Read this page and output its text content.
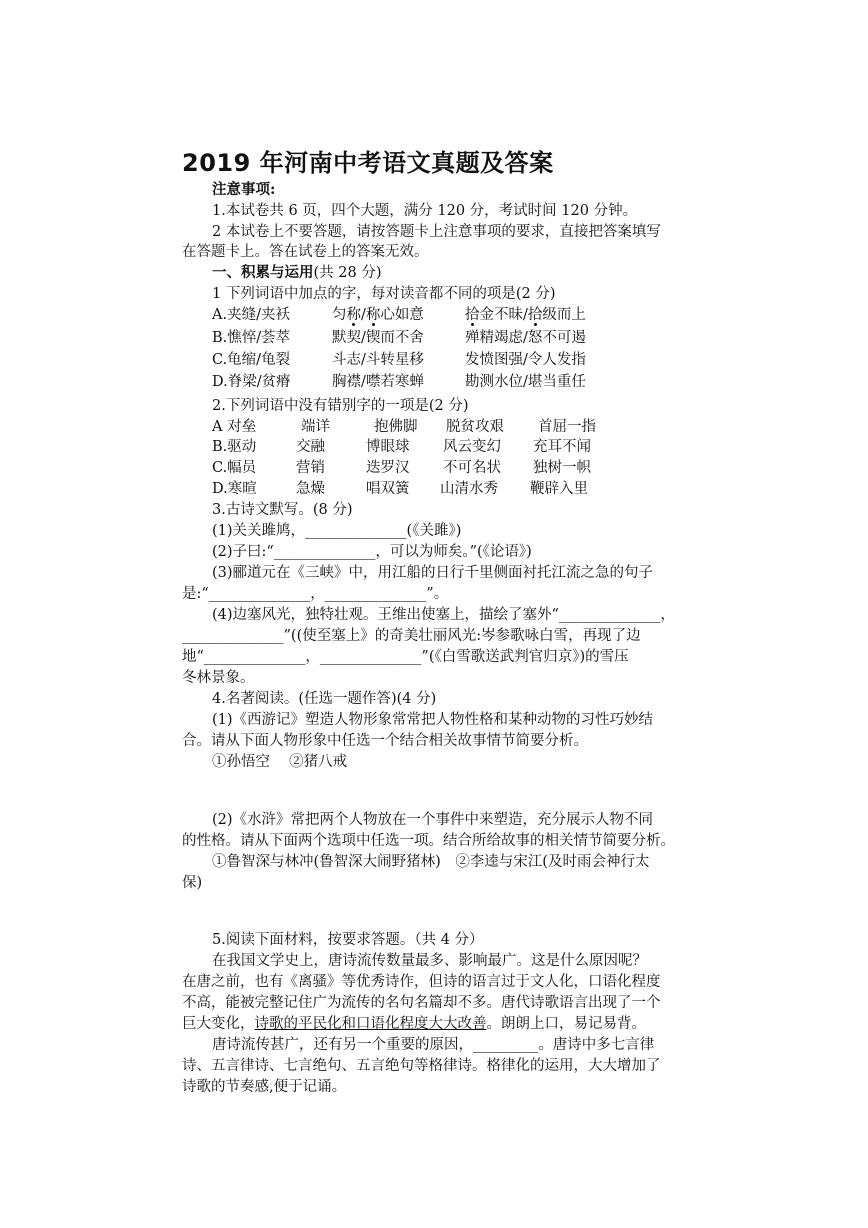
2019 年河南中考语文真题及答案
注意事项:
1.本试卷共 6 页，四个大题，满分 120 分，考试时间 120 分钟。
2 本试卷上不要答题，请按答题卡上注意事项的要求，直接把答案填写
在答题卡上。答在试卷上的答案无效。
一、积累与运用(共 28 分)
1 下列词语中加点的字，每对读音都不同的项是(2 分)
A.夹缝/夹袄	匀称/称心如意	拾金不昧/拾级而上
B.憔悴/荟萃	默契/锲而不舍	殚精竭虑/怒不可遏
C.龟缩/龟裂	斗志/斗转星移	发愤图强/令人发指
D.脊梁/贫瘠	胸襟/噤若寒蝉	勘测水位/堪当重任
2.下列词语中没有错别字的一项是(2 分)
A 对垒	端详	抱佛脚 脱贫攻艰 首屈一指
B.驱动	交融	博眼球 风云变幻 充耳不闻
C.幅员	营销	迭罗汉 不可名状 独树一帜
D.寒暄	急燥	唱双簧 山清水秀 鞭辟入里
3.古诗文默写。(8 分)
(1)关关雎鸠，______________(《关雎》)
(2)子曰:“______________，可以为师矣。”(《论语》)
(3)郦道元在《三峡》中，用江船的日行千里侧面衬托江流之急的句子
是:“______________，______________”。
(4)边塞风光，独特壮观。王维出使塞上，描绘了塞外“______________，
______________”((使至塞上》的奇美壮丽风光:岑参歌咏白雪，再现了边
地“______________，______________”(《白雪歌送武判官归京》)的雪压
冬林景象。
4.名著阅读。(任选一题作答)(4 分)
(1)《西游记》塑造人物形象常常把人物性格和某种动物的习性巧妙结
合。请从下面人物形象中任选一个结合相关故事情节简要分析。
①孙悟空　 ②猪八戒
(2)《水浒》常把两个人物放在一个事件中来塑造，充分展示人物不同
的性格。请从下面两个选项中任选一项。结合所给故事的相关情节简要分析。
①鲁智深与林冲(鲁智深大闹野猪林)　②李逵与宋江(及时雨会神行太
保)
5.阅读下面材料，按要求答题。（共 4 分）
在我国文学史上，唐诗流传数量最多、影响最广。这是什么原因呢？
在唐之前，也有《离骚》等优秀诗作，但诗的语言过于文人化，口语化程度
不高，能被完整记住广为流传的名句名篇却不多。唐代诗歌语言出现了一个
巨大变化，诗歌的平民化和口语化程度大大改善。朗朗上口，易记易背。
唐诗流传甚广，还有另一个重要的原因，_________。唐诗中多七言律
诗、五言律诗、七言绝句、五言绝句等格律诗。格律化的运用，大大增加了
诗歌的节奏感,便于记诵。
